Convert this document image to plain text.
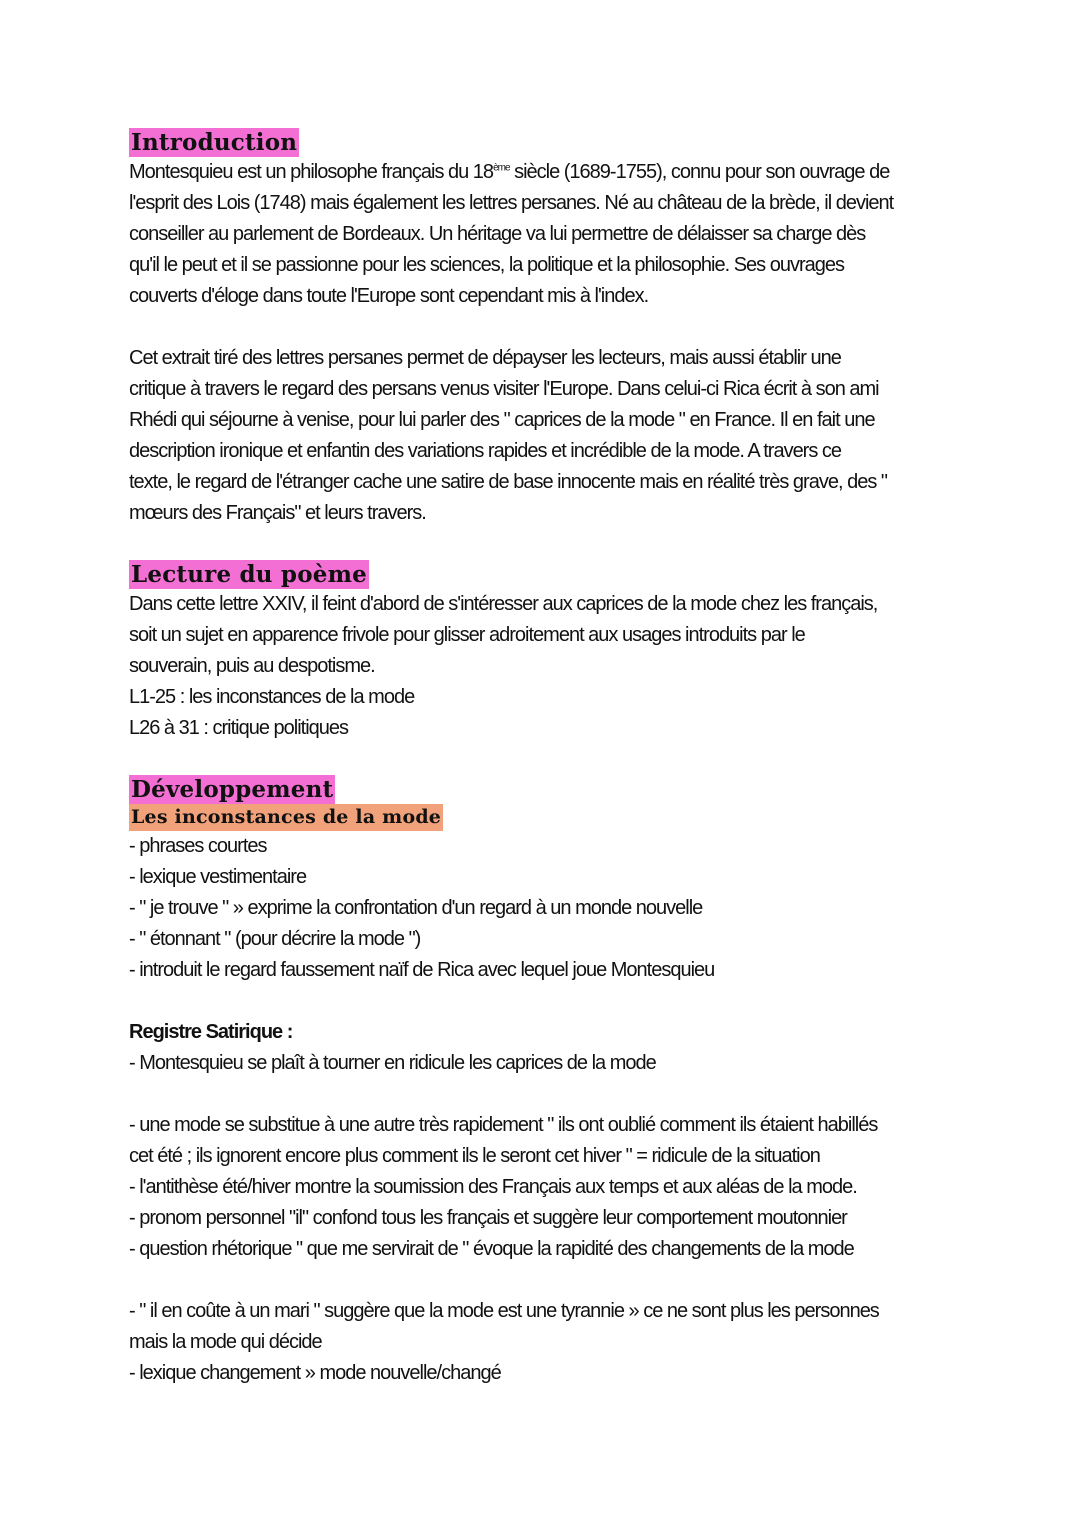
Introduction

Montesquieu est un philosophe français du 18ème siècle (1689-1755), connu pour son ouvrage de

l'esprit des Lois (1748) mais également les lettres persanes. Né au château de la brède, il devient

conseiller au parlement de Bordeaux. Un héritage va lui permettre de délaisser sa charge dès

qu'il le peut et il se passionne pour les sciences, la politique et la philosophie. Ses ouvrages

couverts d'éloge dans toute l'Europe sont cependant mis à l'index.

Cet extrait tiré des lettres persanes permet de dépayser les lecteurs, mais aussi établir une

critique à travers le regard des persans venus visiter l'Europe. Dans celui-ci Rica écrit à son ami

Rhédi qui séjourne à venise, pour lui parler des " caprices de la mode " en France. Il en fait une

description ironique et enfantin des variations rapides et incrédible de la mode. A travers ce

texte, le regard de l'étranger cache une satire de base innocente mais en réalité très grave, des "

mœurs des Français" et leurs travers.

Lecture du poème

Dans cette lettre XXIV, il feint d'abord de s'intéresser aux caprices de la mode chez les français,

soit un sujet en apparence frivole pour glisser adroitement aux usages introduits par le

souverain, puis au despotisme.

L1-25 : les inconstances de la mode

L26 à 31 : critique politiques

Développement
Les inconstances de la mode

- phrases courtes

- lexique vestimentaire

- " je trouve " » exprime la confrontation d'un regard à un monde nouvelle

- " étonnant " (pour décrire la mode ")

- introduit le regard faussement naïf de Rica avec lequel joue Montesquieu

Registre Satirique :

- Montesquieu se plaît à tourner en ridicule les caprices de la mode

- une mode se substitue à une autre très rapidement " ils ont oublié comment ils étaient habillés

cet été ; ils ignorent encore plus comment ils le seront cet hiver " = ridicule de la situation

- l'antithèse été/hiver montre la soumission des Français aux temps et aux aléas de la mode.

- pronom personnel "il" confond tous les français et suggère leur comportement moutonnier

- question rhétorique " que me servirait de " évoque la rapidité des changements de la mode

- " il en coûte à un mari " suggère que la mode est une tyrannie » ce ne sont plus les personnes

mais la mode qui décide

- lexique changement » mode nouvelle/changé
